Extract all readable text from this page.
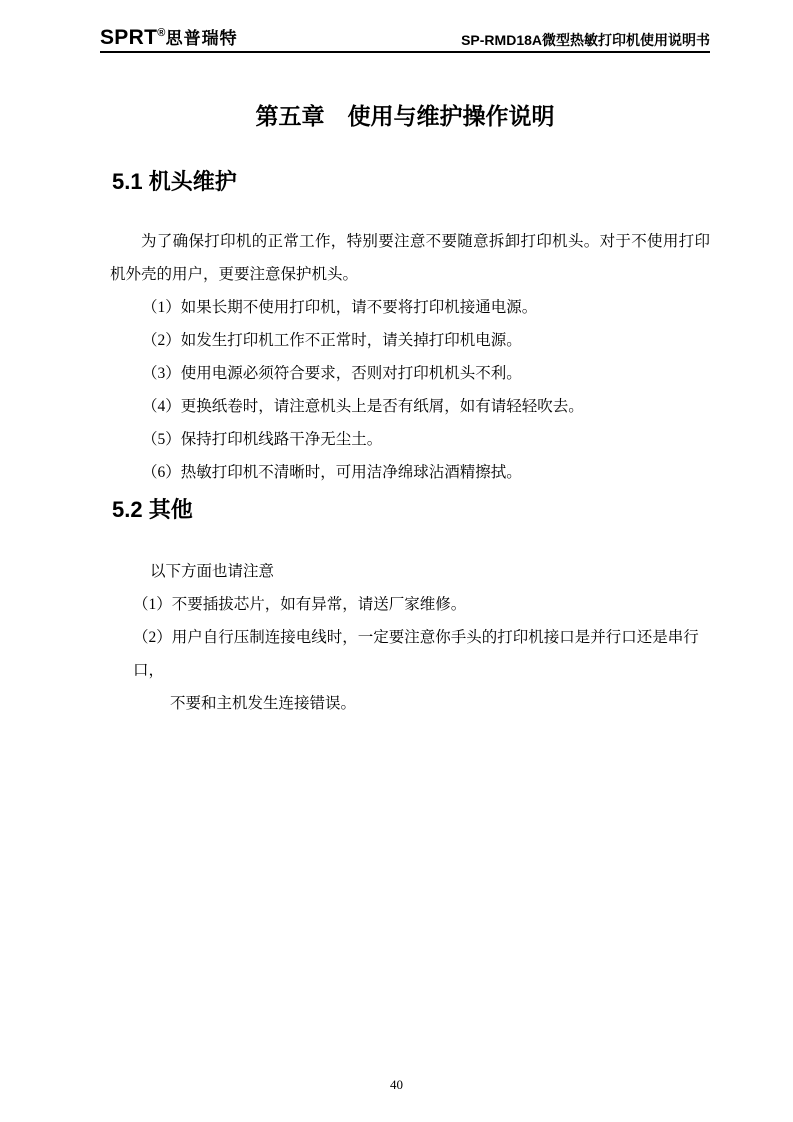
SPRT®思普瑞特	SP-RMD18A微型热敏打印机使用说明书
第五章　使用与维护操作说明
5.1 机头维护

为了确保打印机的正常工作，特别要注意不要随意拆卸打印机头。对于不使用打印机外壳的用户，更要注意保护机头。

（1）如果长期不使用打印机，请不要将打印机接通电源。

（2）如发生打印机工作不正常时，请关掉打印机电源。

（3）使用电源必须符合要求，否则对打印机机头不利。

（4）更换纸卷时，请注意机头上是否有纸屑，如有请轻轻吹去。

（5）保持打印机线路干净无尘土。

（6）热敏打印机不清晰时，可用洁净绵球沾酒精擦拭。

5.2 其他

以下方面也请注意

（1）不要插拔芯片，如有异常，请送厂家维修。

（2）用户自行压制连接电线时，一定要注意你手头的打印机接口是并行口还是串行口，

不要和主机发生连接错误。

40
